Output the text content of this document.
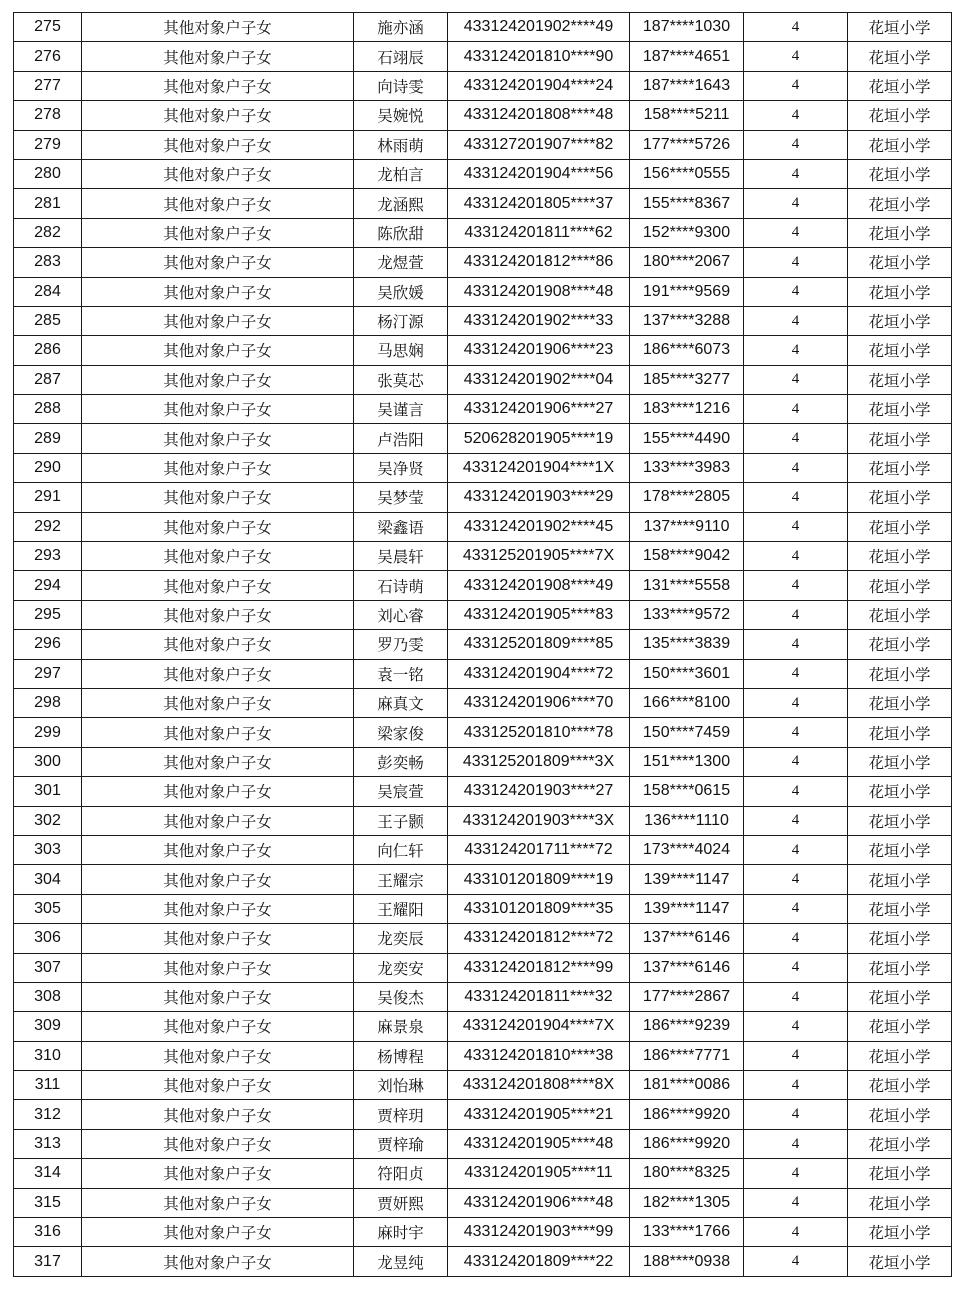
275	其他对象户子女	施亦涵	433124201902****49	187****1030	4	花垣小学
276	其他对象户子女	石翊辰	433124201810****90	187****4651	4	花垣小学
277	其他对象户子女	向诗雯	433124201904****24	187****1643	4	花垣小学
278	其他对象户子女	吴婉悦	433124201808****48	158****5211	4	花垣小学
279	其他对象户子女	林雨萌	433127201907****82	177****5726	4	花垣小学
280	其他对象户子女	龙柏言	433124201904****56	156****0555	4	花垣小学
281	其他对象户子女	龙涵熙	433124201805****37	155****8367	4	花垣小学
282	其他对象户子女	陈欣甜	433124201811****62	152****9300	4	花垣小学
283	其他对象户子女	龙煜萱	433124201812****86	180****2067	4	花垣小学
284	其他对象户子女	吴欣媛	433124201908****48	191****9569	4	花垣小学
285	其他对象户子女	杨汀源	433124201902****33	137****3288	4	花垣小学
286	其他对象户子女	马思娴	433124201906****23	186****6073	4	花垣小学
287	其他对象户子女	张莫芯	433124201902****04	185****3277	4	花垣小学
288	其他对象户子女	吴谨言	433124201906****27	183****1216	4	花垣小学
289	其他对象户子女	卢浩阳	520628201905****19	155****4490	4	花垣小学
290	其他对象户子女	吴净贤	433124201904****1X	133****3983	4	花垣小学
291	其他对象户子女	吴梦莹	433124201903****29	178****2805	4	花垣小学
292	其他对象户子女	梁鑫语	433124201902****45	137****9110	4	花垣小学
293	其他对象户子女	吴晨轩	433125201905****7X	158****9042	4	花垣小学
294	其他对象户子女	石诗萌	433124201908****49	131****5558	4	花垣小学
295	其他对象户子女	刘心睿	433124201905****83	133****9572	4	花垣小学
296	其他对象户子女	罗乃雯	433125201809****85	135****3839	4	花垣小学
297	其他对象户子女	袁一铭	433124201904****72	150****3601	4	花垣小学
298	其他对象户子女	麻真文	433124201906****70	166****8100	4	花垣小学
299	其他对象户子女	梁家俊	433125201810****78	150****7459	4	花垣小学
300	其他对象户子女	彭奕畅	433125201809****3X	151****1300	4	花垣小学
301	其他对象户子女	吴宸萱	433124201903****27	158****0615	4	花垣小学
302	其他对象户子女	王子颢	433124201903****3X	136****1110	4	花垣小学
303	其他对象户子女	向仁轩	433124201711****72	173****4024	4	花垣小学
304	其他对象户子女	王耀宗	433101201809****19	139****1147	4	花垣小学
305	其他对象户子女	王耀阳	433101201809****35	139****1147	4	花垣小学
306	其他对象户子女	龙奕辰	433124201812****72	137****6146	4	花垣小学
307	其他对象户子女	龙奕安	433124201812****99	137****6146	4	花垣小学
308	其他对象户子女	吴俊杰	433124201811****32	177****2867	4	花垣小学
309	其他对象户子女	麻景泉	433124201904****7X	186****9239	4	花垣小学
310	其他对象户子女	杨博程	433124201810****38	186****7771	4	花垣小学
311	其他对象户子女	刘怡琳	433124201808****8X	181****0086	4	花垣小学
312	其他对象户子女	贾梓玥	433124201905****21	186****9920	4	花垣小学
313	其他对象户子女	贾梓瑜	433124201905****48	186****9920	4	花垣小学
314	其他对象户子女	符阳贞	433124201905****11	180****8325	4	花垣小学
315	其他对象户子女	贾妍熙	433124201906****48	182****1305	4	花垣小学
316	其他对象户子女	麻时宇	433124201903****99	133****1766	4	花垣小学
317	其他对象户子女	龙昱纯	433124201809****22	188****0938	4	花垣小学
